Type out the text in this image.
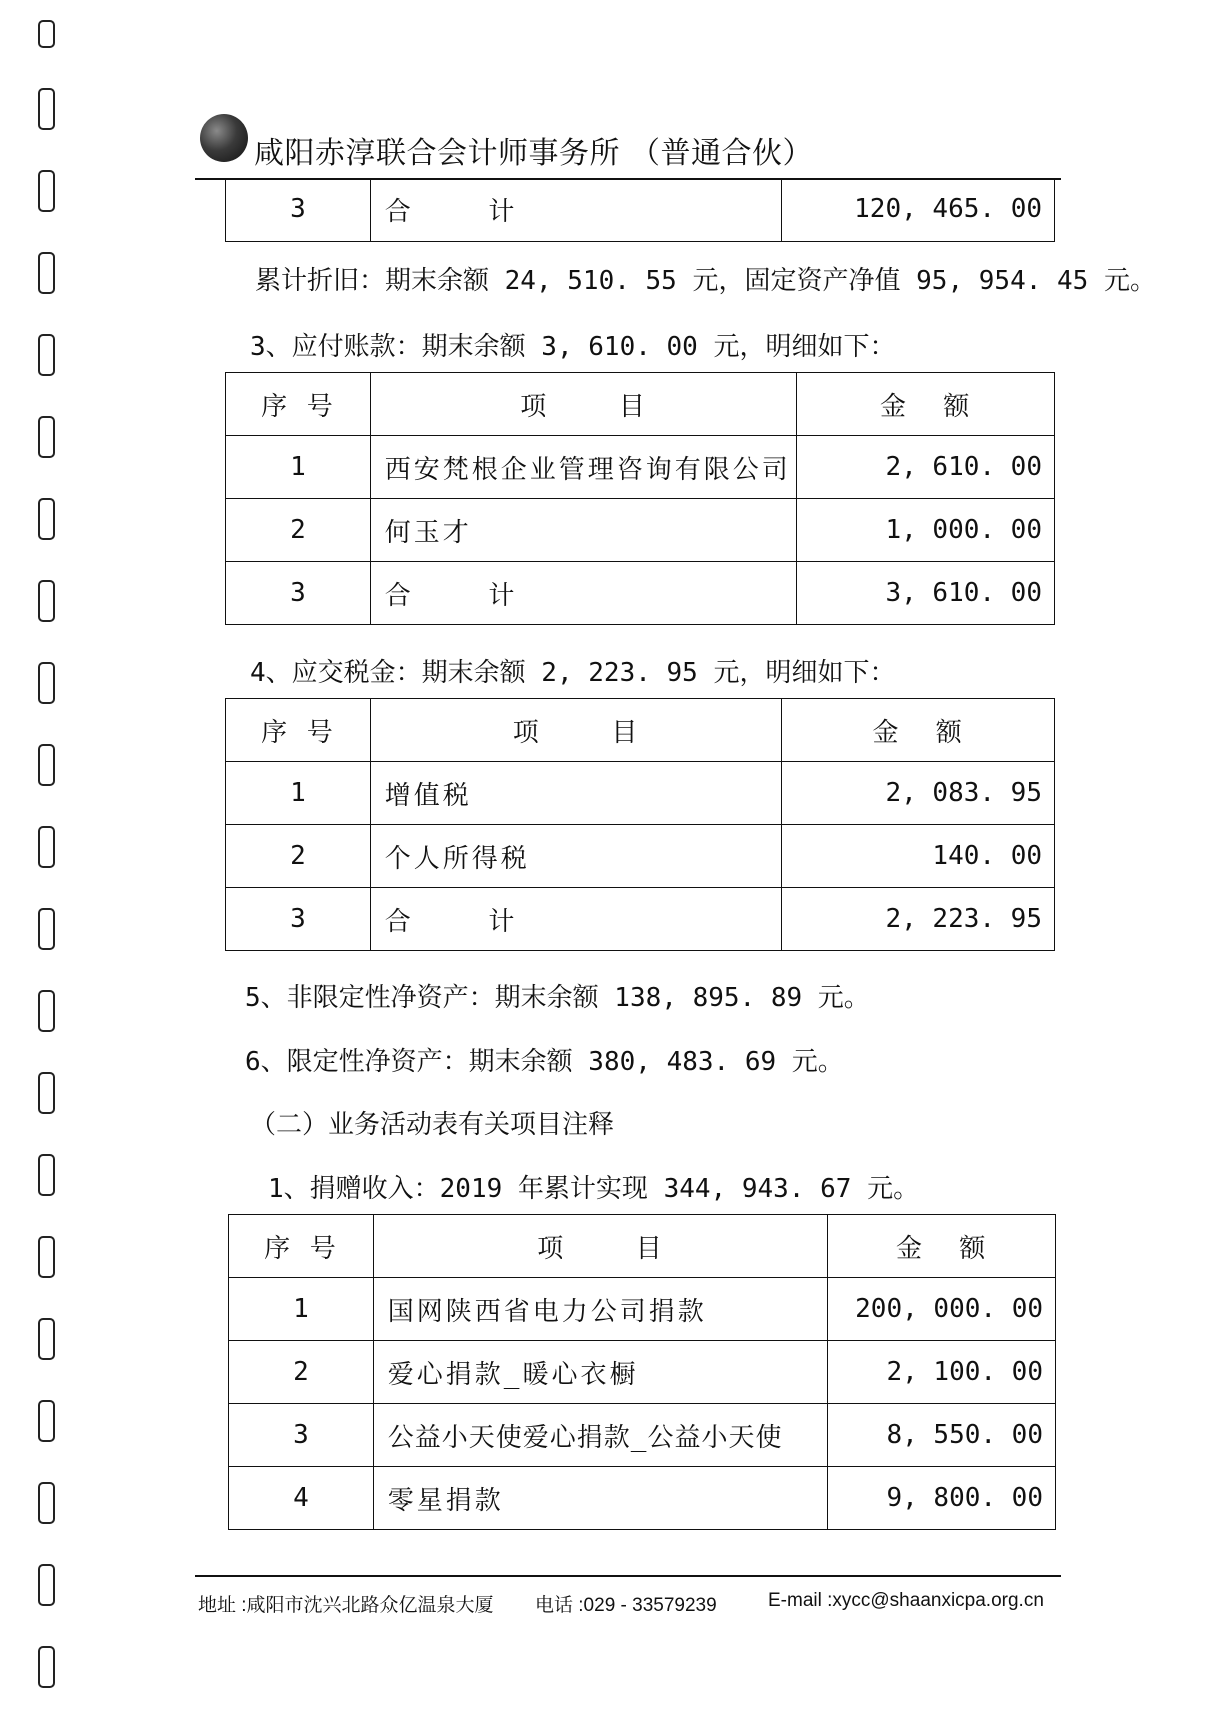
咸阳赤淳联合会计师事务所 （普通合伙）
3	合    计	120, 465. 00
累计折旧：期末余额 24, 510. 55 元，固定资产净值 95, 954. 45 元。
3、应付账款：期末余额 3, 610. 00 元，明细如下：
序 号	项    目	金  额
1	西安梵根企业管理咨询有限公司	2, 610. 00
2	何玉才	1, 000. 00
3	合    计	3, 610. 00
4、应交税金：期末余额 2, 223. 95 元，明细如下：
序 号	项    目	金  额
1	增值税	2, 083. 95
2	个人所得税	140. 00
3	合    计	2, 223. 95
5、非限定性净资产：期末余额 138, 895. 89 元。
6、限定性净资产：期末余额 380, 483. 69 元。
（二）业务活动表有关项目注释
1、捐赠收入：2019 年累计实现 344, 943. 67 元。
序 号	项    目	金  额
1	国网陕西省电力公司捐款	200, 000. 00
2	爱心捐款_暖心衣橱	2, 100. 00
3	公益小天使爱心捐款_公益小天使	8, 550. 00
4	零星捐款	9, 800. 00
地址 :咸阳市沈兴北路众亿温泉大厦 电话 :029 - 33579239	E-mail :xycc@shaanxicpa.org.cn
